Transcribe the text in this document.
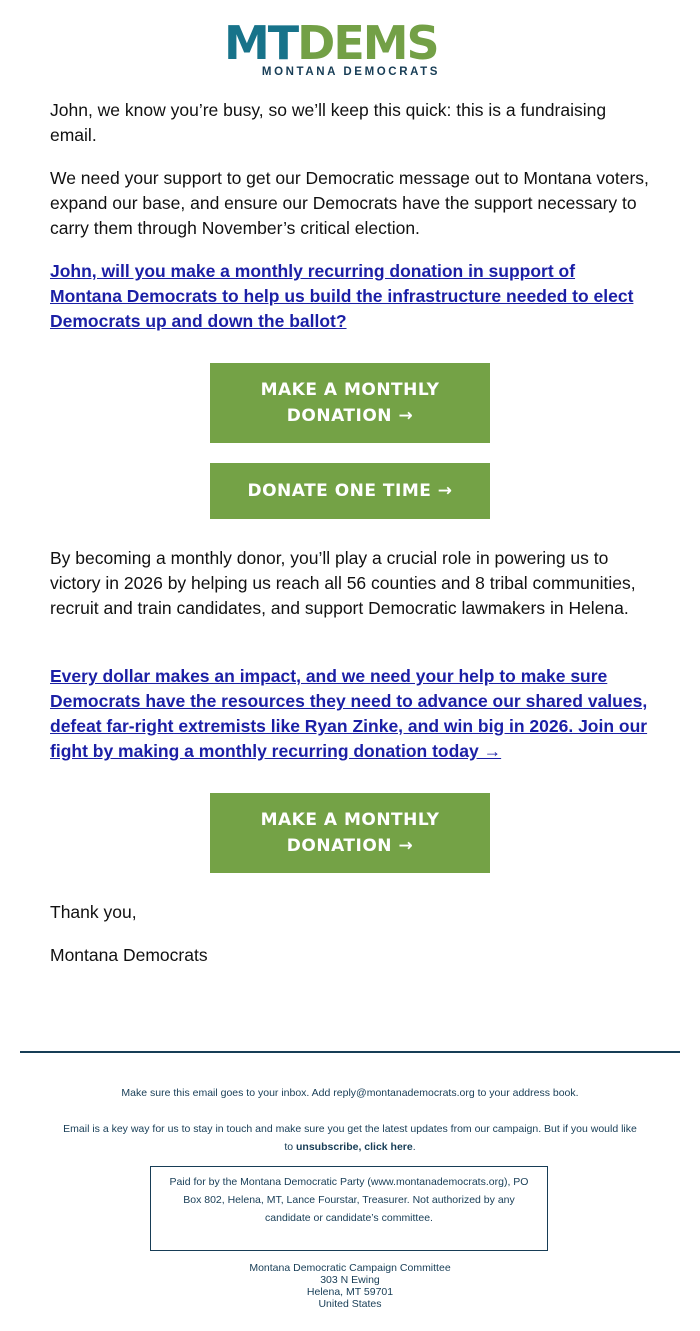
MTDEMS
MONTANA DEMOCRATS

John, we know you’re busy, so we’ll keep this quick: this is a fundraising email.

We need your support to get our Democratic message out to Montana voters, expand our base, and ensure our Democrats have the support necessary to carry them through November’s critical election.

John, will you make a monthly recurring donation in support of Montana Democrats to help us build the infrastructure needed to elect Democrats up and down the ballot?
MAKE A MONTHLY
DONATION →
DONATE ONE TIME →

By becoming a monthly donor, you’ll play a crucial role in powering us to victory in 2026 by helping us reach all 56 counties and 8 tribal communities, recruit and train candidates, and support Democratic lawmakers in Helena.

Every dollar makes an impact, and we need your help to make sure Democrats have the resources they need to advance our shared values, defeat far-right extremists like Ryan Zinke, and win big in 2026. Join our fight by making a monthly recurring donation today →
MAKE A MONTHLY
DONATION →

Thank you,

Montana Democrats

Make sure this email goes to your inbox. Add reply@montanademocrats.org to your address book.

Email is a key way for us to stay in touch and make sure you get the latest updates from our campaign. But if you would like to unsubscribe, click here.

Paid for by the Montana Democratic Party (www.montanademocrats.org), PO Box 802, Helena, MT, Lance Fourstar, Treasurer. Not authorized by any candidate or candidate’s committee.
Montana Democratic Campaign Committee
303 N Ewing
Helena, MT 59701
United States
